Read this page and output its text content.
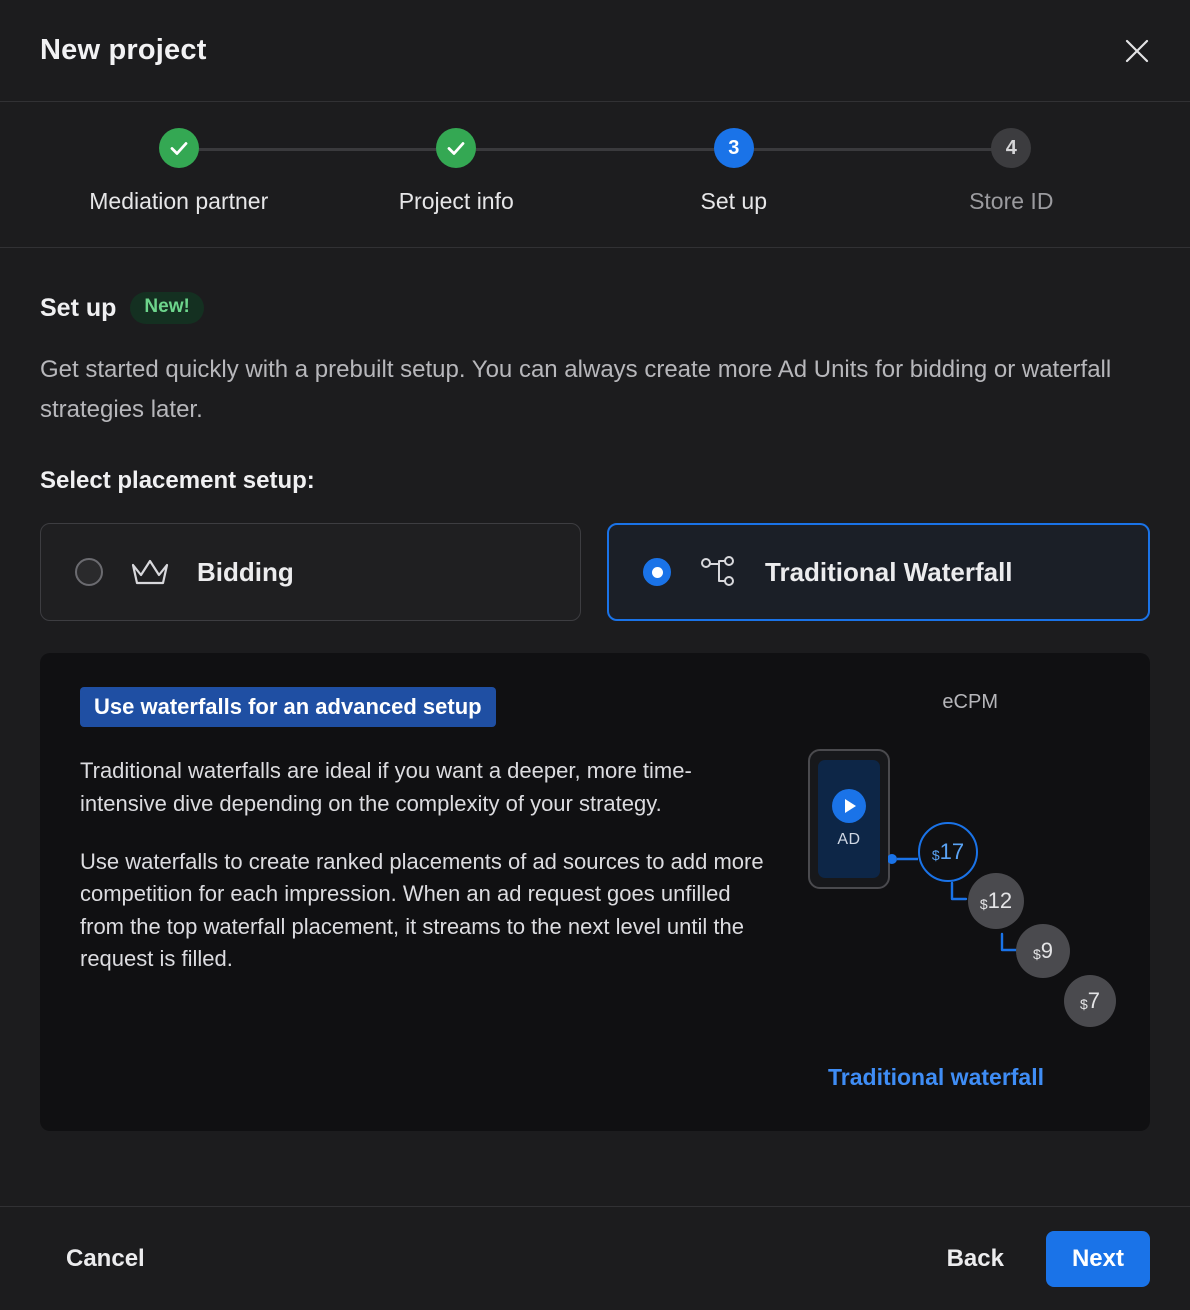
New project
Mediation partner	Project info
3
Set up
4
Store ID
Set up	New!
Get started quickly with a prebuilt setup. You can always create more Ad Units for bidding or waterfall strategies later.
Select placement setup:
Bidding	Traditional Waterfall
Use waterfalls for an advanced setup

Traditional waterfalls are ideal if you want a deeper, more time-intensive dive depending on the complexity of your strategy.

Use waterfalls to create ranked placements of ad sources to add more competition for each impression. When an ad request goes unfilled from the top waterfall placement, it streams to the next level until the request is filled.

eCPM
AD
$ 17
$ 12
$ 9
$ 7
Traditional waterfall
Cancel	Back	Next
